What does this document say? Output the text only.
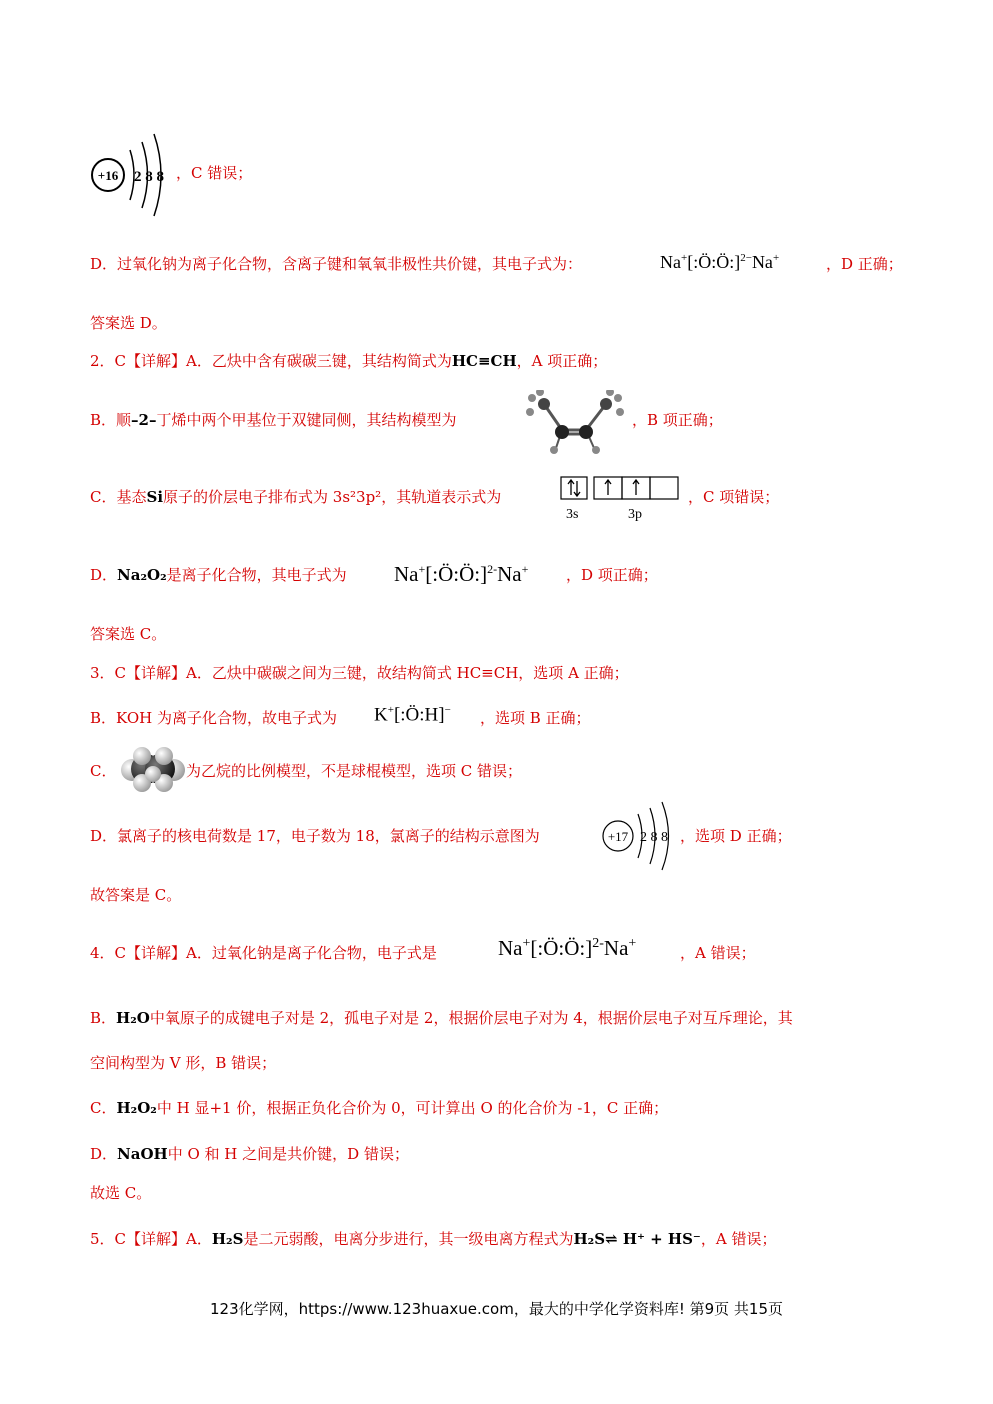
+16 2 8 8 ，C 错误；
D．过氧化钠为离子化合物，含离子键和氧氧非极性共价键，其电子式为：	Na+[:Ö:Ö:]$^{2-}$Na+	，D 正确；
答案选 D。
2．C【详解】A．乙炔中含有碳碳三键，其结构简式为HC≡CH，A 项正确；
B．顺–2–丁烯中两个甲基位于双键同侧，其结构模型为	，B 项正确；
C．基态Si原子的价层电子排布式为 3s²3p²，其轨道表示式为
3s	3p
，C 项错误；
D．Na₂O₂是离子化合物，其电子式为 Na+[:Ö:Ö:]$^{2-}$Na+	，D 项正确；
答案选 C。
3．C【详解】A．乙炔中碳碳之间为三键，故结构简式 HC≡CH，选项 A 正确；
B．KOH 为离子化合物，故电子式为 K+[:Ö:H]− ，选项 B 正确；
C．	为乙烷的比例模型，不是球棍模型，选项 C 错误；
D．氯离子的核电荷数是 17，电子数为 18，氯离子的结构示意图为	+17 2 8 8 ，选项 D 正确；
故答案是 C。
4．C【详解】A．过氧化钠是离子化合物，电子式是	Na+[:Ö:Ö:]$^{2-}$Na+
，A 错误；
B．H₂O中氧原子的成键电子对是 2，孤电子对是 2，根据价层电子对为 4，根据价层电子对互斥理论，其
空间构型为 V 形，B 错误；
C．H₂O₂中 H 显+1 价，根据正负化合价为 0，可计算出 O 的化合价为 -1，C 正确；
D．NaOH中 O 和 H 之间是共价键，D 错误；
故选 C。
5．C【详解】A．H₂S是二元弱酸，电离分步进行，其一级电离方程式为H₂S⇌ H⁺ + HS⁻，A 错误；
123化学网，https://www.123huaxue.com，最大的中学化学资料库! 第9页 共15页
